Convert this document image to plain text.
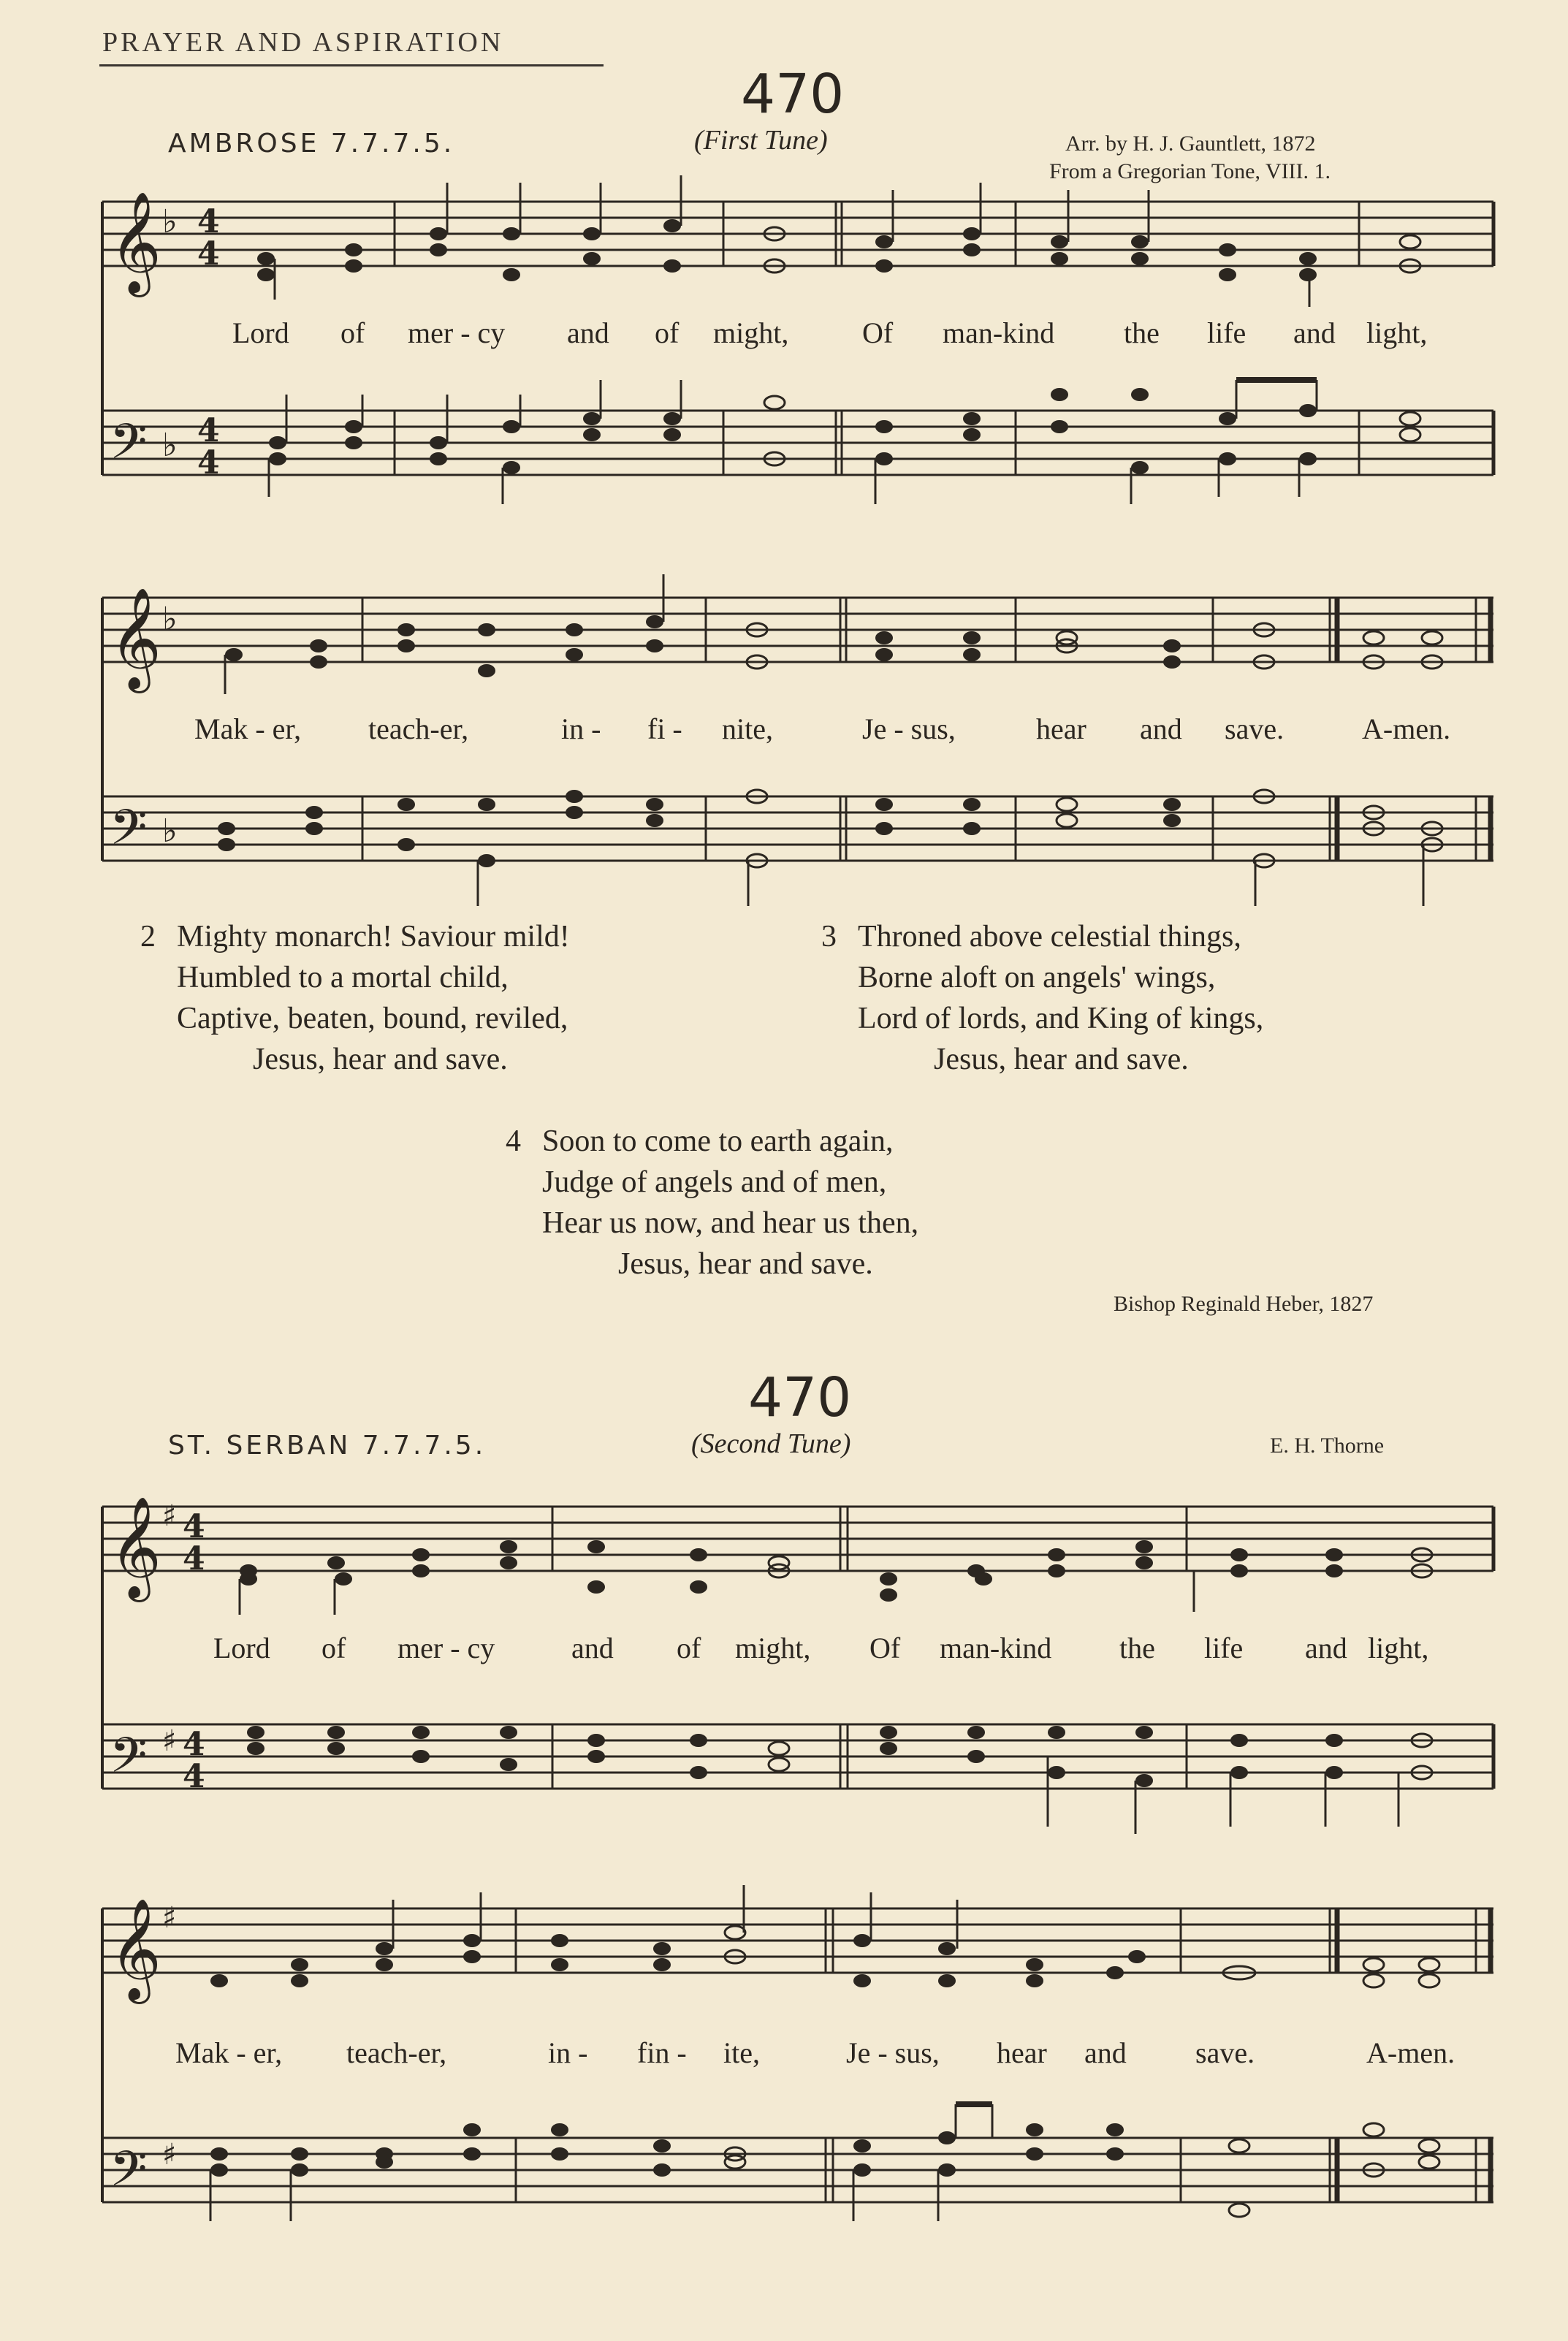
PRAYER AND ASPIRATION
470
AMBROSE 7.7.7.5.	(First Tune)	Arr. by H. J. Gauntlett, 1872
From a Gregorian Tone, VIII. 1.
𝄞
𝄢
♭
♭
4
4
4
4
Lord of mer - cy and of might,	Of man-kind the life and light,
𝄞
𝄢
♭
♭
Mak - er, teach-er,	in - fi - nite,	Je - sus,	hear and save.	A-men.
2 Mighty monarch! Saviour mild!
Humbled to a mortal child,
Captive, beaten, bound, reviled,
Jesus, hear and save.
3 Throned above celestial things,
Borne aloft on angels' wings,
Lord of lords, and King of kings,
Jesus, hear and save.
4 Soon to come to earth again,
Judge of angels and of men,
Hear us now, and hear us then,
Jesus, hear and save.
Bishop Reginald Heber, 1827
470
ST. SERBAN 7.7.7.5.	(Second Tune)	E. H. Thorne
𝄞
𝄢
♯
♯
4
4
4
4
Lord of mer - cy	and of might, Of man-kind the life and light,
𝄞
𝄢
♯
♯
Mak - er, teach-er,	in - fin - ite,	Je - sus, hear and save.	A-men.
